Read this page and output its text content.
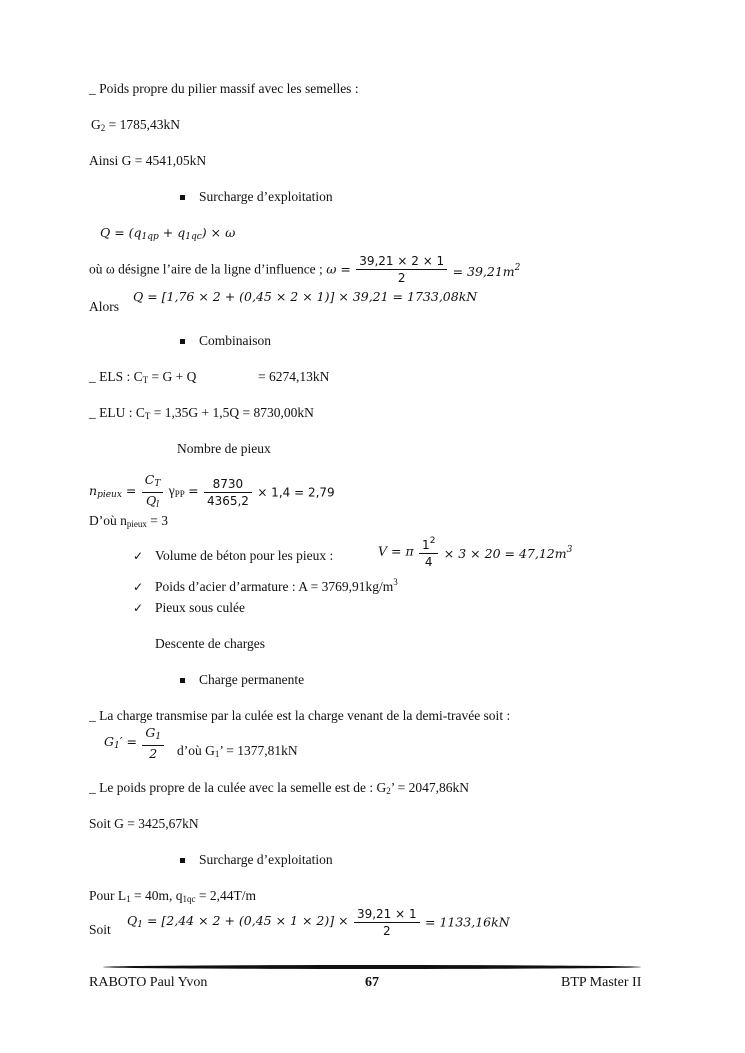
_ Poids propre du pilier massif avec les semelles :
$G_2 = 1785,43kN$
Ainsi G = 4541,05kN
Surcharge d’exploitation
$Q = (q_{1qp} + q_{1qc}) \times \omega$
où ω désigne l’aire de la ligne d’influence ; $\omega = \frac{39,21 \times 2 \times 1}{2} = 39,21m^2$
Alors
Q = [1,76 × 2 + (0,45 × 2 × 1)] × 39,21 = 1733,08kN
Combinaison
_ ELS : $C_T = G + Q$	= 6274,13kN
_ ELU : $C_T = 1,35G + 1,5Q = 8730,00kN$
Nombre de pieux
$n_{pieux} = \frac{C_T}{Q_l} \gamma_{PP} = \frac{8730}{4365,2} \times 1,4 = 2,79$
D’où $n_{pieux} = 3$
✓ Volume de béton pour les pieux :	V = π $\frac{1^2}{4} \times 3 \times 20 = 47,12m^3$
✓ Poids d’acier d’armature : $A = 3769,91kg/m^3$
✓ Pieux sous culée
Descente de charges
Charge permanente
_ La charge transmise par la culée est la charge venant de la demi-travée soit :
$G_1' = \frac{G_1}{2}$ d’où $G_1$’ = 1377,81kN
_ Le poids propre de la culée avec la semelle est de : $G_2$’ = 2047,86kN
Soit G = 3425,67kN
Surcharge d’exploitation
Pour $L_1 = 40m$, $q_{1qc} = 2,44T/m$
Soit
$Q_1 = [2,44 \times 2 + (0,45 \times 1 \times 2)] \times \frac{39,21 \times 1}{2} = 1133,16kN$
RABOTO Paul Yvon	67	BTP Master II
